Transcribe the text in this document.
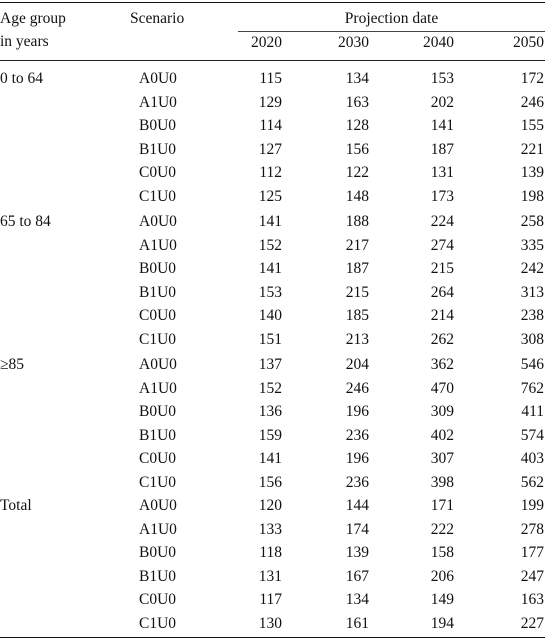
Age group
in years
Scenario	Projection date
2020	2030	2040	2050
0 to 64	A0U0	115	134	153	172
A1U0	129	163	202	246
B0U0	114	128	141	155
B1U0	127	156	187	221
C0U0	112	122	131	139
C1U0	125	148	173	198
65 to 84	A0U0	141	188	224	258
A1U0	152	217	274	335
B0U0	141	187	215	242
B1U0	153	215	264	313
C0U0	140	185	214	238
C1U0	151	213	262	308
≥85	A0U0	137	204	362	546
A1U0	152	246	470	762
B0U0	136	196	309	411
B1U0	159	236	402	574
C0U0	141	196	307	403
C1U0	156	236	398	562
Total	A0U0	120	144	171	199
A1U0	133	174	222	278
B0U0	118	139	158	177
B1U0	131	167	206	247
C0U0	117	134	149	163
C1U0	130	161	194	227
